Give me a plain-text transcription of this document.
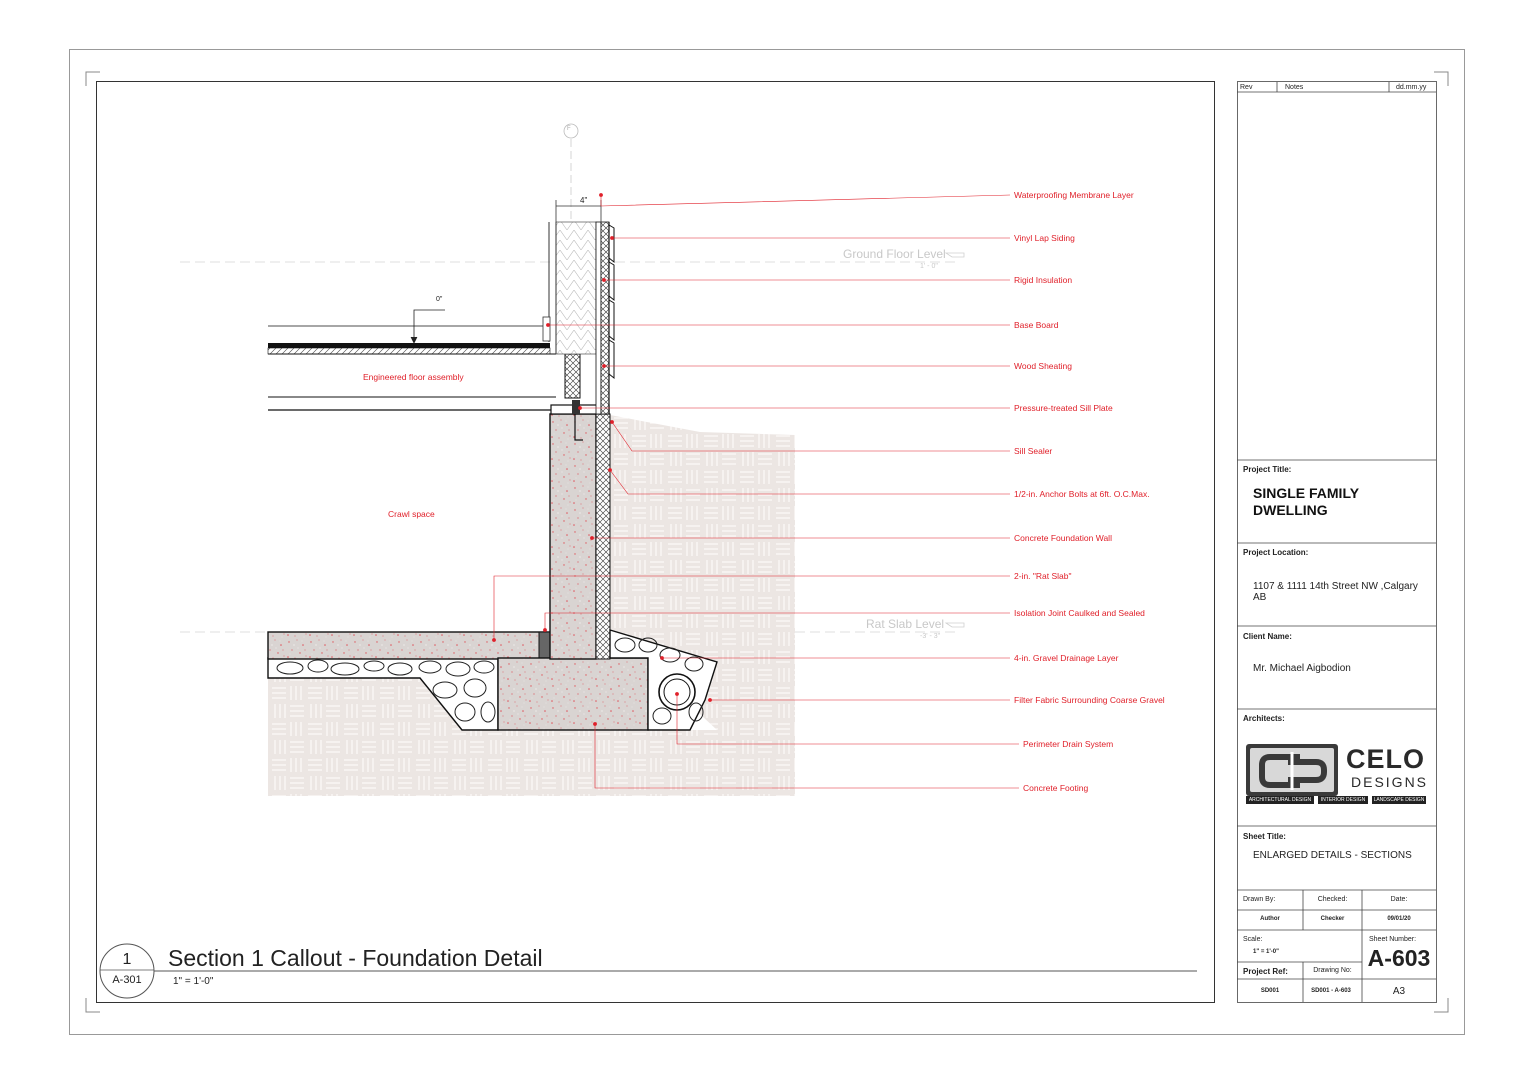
Waterproofing Membrane Layer
Vinyl Lap Siding
Rigid Insulation
Base Board
Wood Sheating
Pressure-treated Sill Plate
Sill Sealer
1/2-in. Anchor Bolts at 6ft. O.C.Max.
Concrete Foundation Wall
2-in. "Rat Slab"
Isolation Joint Caulked and Sealed
4-in. Gravel Drainage Layer
Filter Fabric Surrounding Coarse Gravel
Perimeter Drain System
Concrete Footing
Engineered floor assembly
Crawl space
Ground Floor Level
1' - 0"
Rat Slab Level
-3' - 3"
4"
0"
F
1
A-301
Section 1 Callout - Foundation Detail
1" = 1'-0"
Rev	Notes	dd.mm.yy
Project Title:
SINGLE FAMILY
DWELLING
Project Location:
1107 & 1111 14th Street NW ,Calgary AB
Client Name:
Mr. Michael Aigbodion
Architects:
CELO
DESIGNS
ARCHITECTURAL DESIGN	INTERIOR DESIGN	LANDSCAPE DESIGN
Sheet Title:
ENLARGED DETAILS - SECTIONS
Drawn By:	Checked:	Date:
Author	Checker	09/01/20
Scale:
1" = 1'-0"
Sheet Number:
A-603
Project Ref:	Drawing No:
SD001	SD001 - A-603	A3
